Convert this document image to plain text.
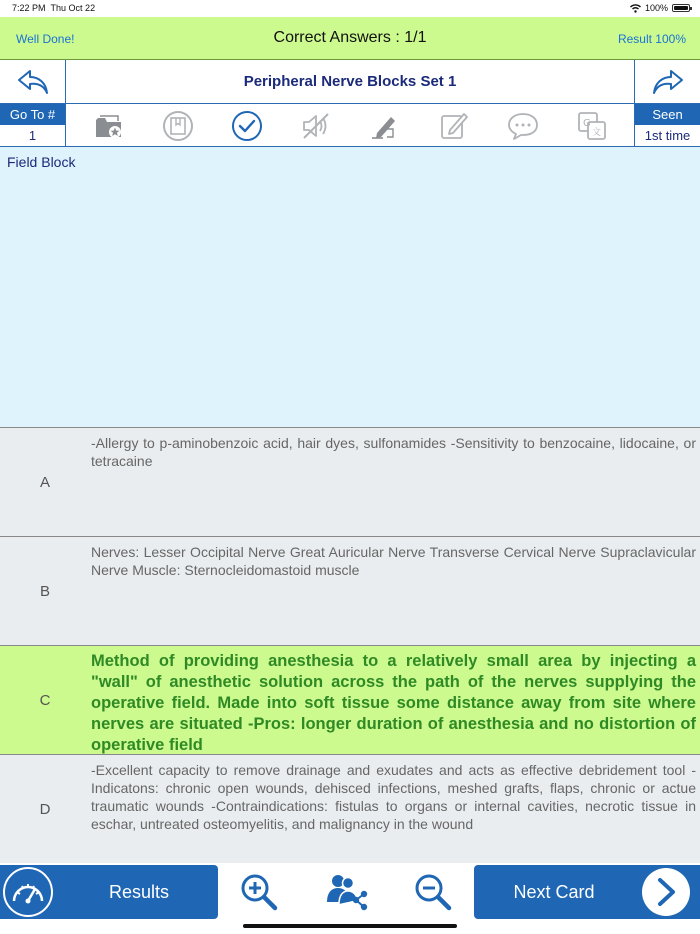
7:22 PM Thu Oct 22	100%
Well Done!	Correct Answers : 1/1	Result 100%
Peripheral Nerve Blocks Set 1
Go To #
1
G
文
Seen
1st time
Field Block
A
-Allergy to p-aminobenzoic acid, hair dyes, sulfonamides -Sensitivity to benzocaine, lidocaine, or tetracaine
B
Nerves: Lesser Occipital Nerve Great Auricular Nerve Transverse Cervical Nerve Supraclavicular Nerve Muscle: Sternocleidomastoid muscle
C
Method of providing anesthesia to a relatively small area by injecting a "wall" of anesthetic solution across the path of the nerves supplying the operative field. Made into soft tissue some distance away from site where nerves are situated -Pros: longer duration of anesthesia and no distortion of operative field
D
-Excellent capacity to remove drainage and exudates and acts as effective debridement tool -Indicatons: chronic open wounds, dehisced infections, meshed grafts, flaps, chronic or actue traumatic wounds -Contraindications: fistulas to organs or internal cavities, necrotic tissue in eschar, untreated osteomyelitis, and malignancy in the wound
Results	Next Card
